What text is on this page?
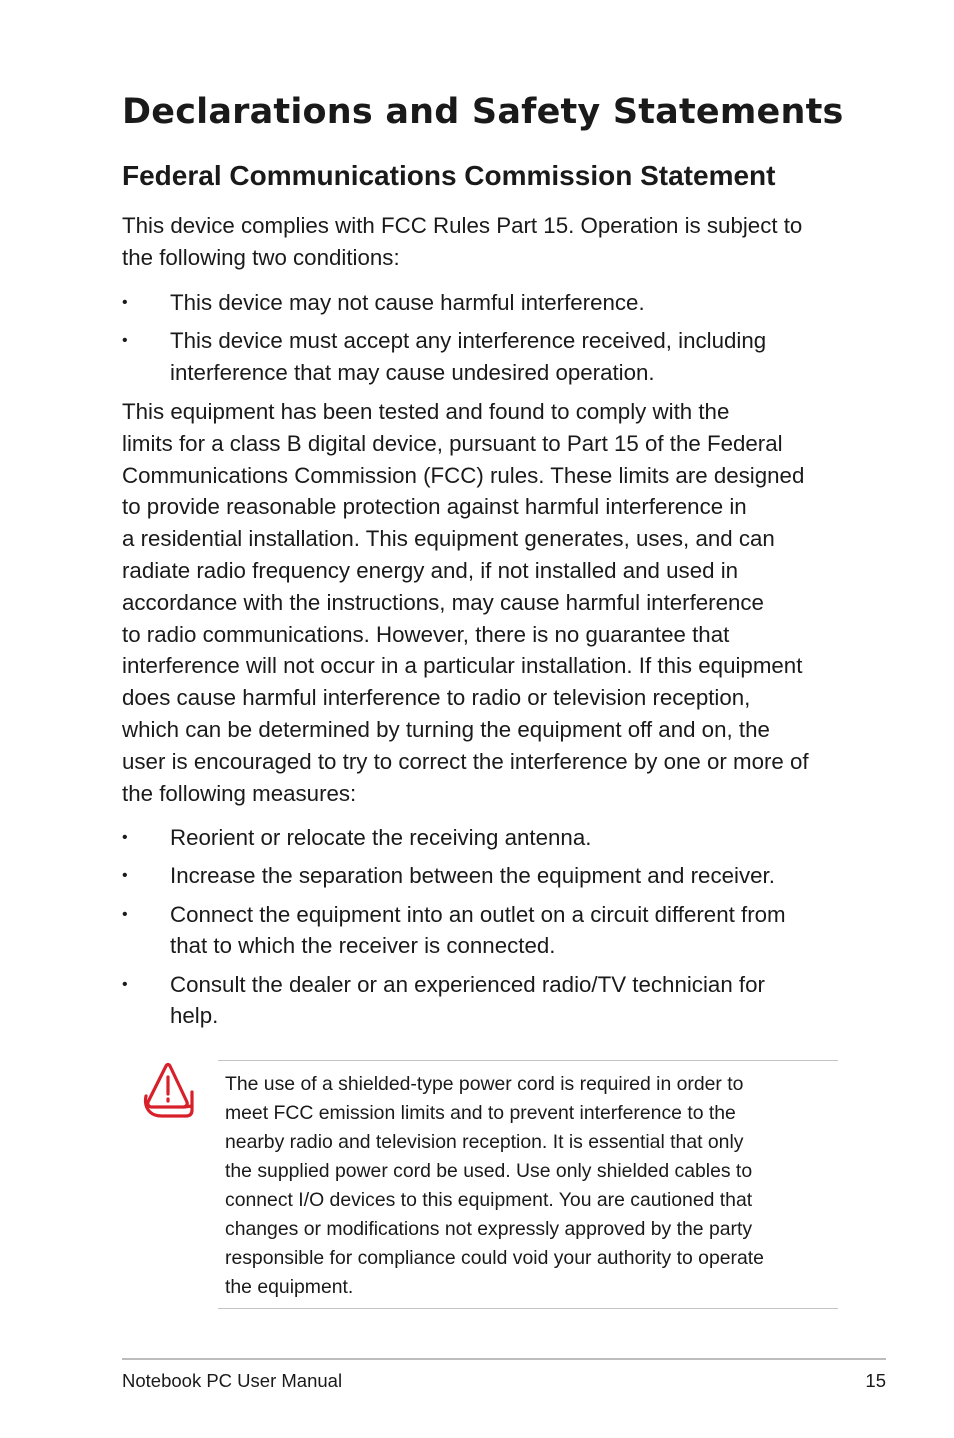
Declarations and Safety Statements
Federal Communications Commission Statement

This device complies with FCC Rules Part 15. Operation is subject to
the following two conditions:

• This device may not cause harmful interference.
• This device must accept any interference received, including
interference that may cause undesired operation.

This equipment has been tested and found to comply with the
limits for a class B digital device, pursuant to Part 15 of the Federal
Communications Commission (FCC) rules. These limits are designed
to provide reasonable protection against harmful interference in
a residential installation. This equipment generates, uses, and can
radiate radio frequency energy and, if not installed and used in
accordance with the instructions, may cause harmful interference
to radio communications. However, there is no guarantee that
interference will not occur in a particular installation. If this equipment
does cause harmful interference to radio or television reception,
which can be determined by turning the equipment off and on, the
user is encouraged to try to correct the interference by one or more of
the following measures:

• Reorient or relocate the receiving antenna.
• Increase the separation between the equipment and receiver.
• Connect the equipment into an outlet on a circuit different from
that to which the receiver is connected.
• Consult the dealer or an experienced radio/TV technician for
help.
The use of a shielded-type power cord is required in order to
meet FCC emission limits and to prevent interference to the
nearby radio and television reception. It is essential that only
the supplied power cord be used. Use only shielded cables to
connect I/O devices to this equipment. You are cautioned that
changes or modifications not expressly approved by the party
responsible for compliance could void your authority to operate
the equipment.
Notebook PC User Manual	15
